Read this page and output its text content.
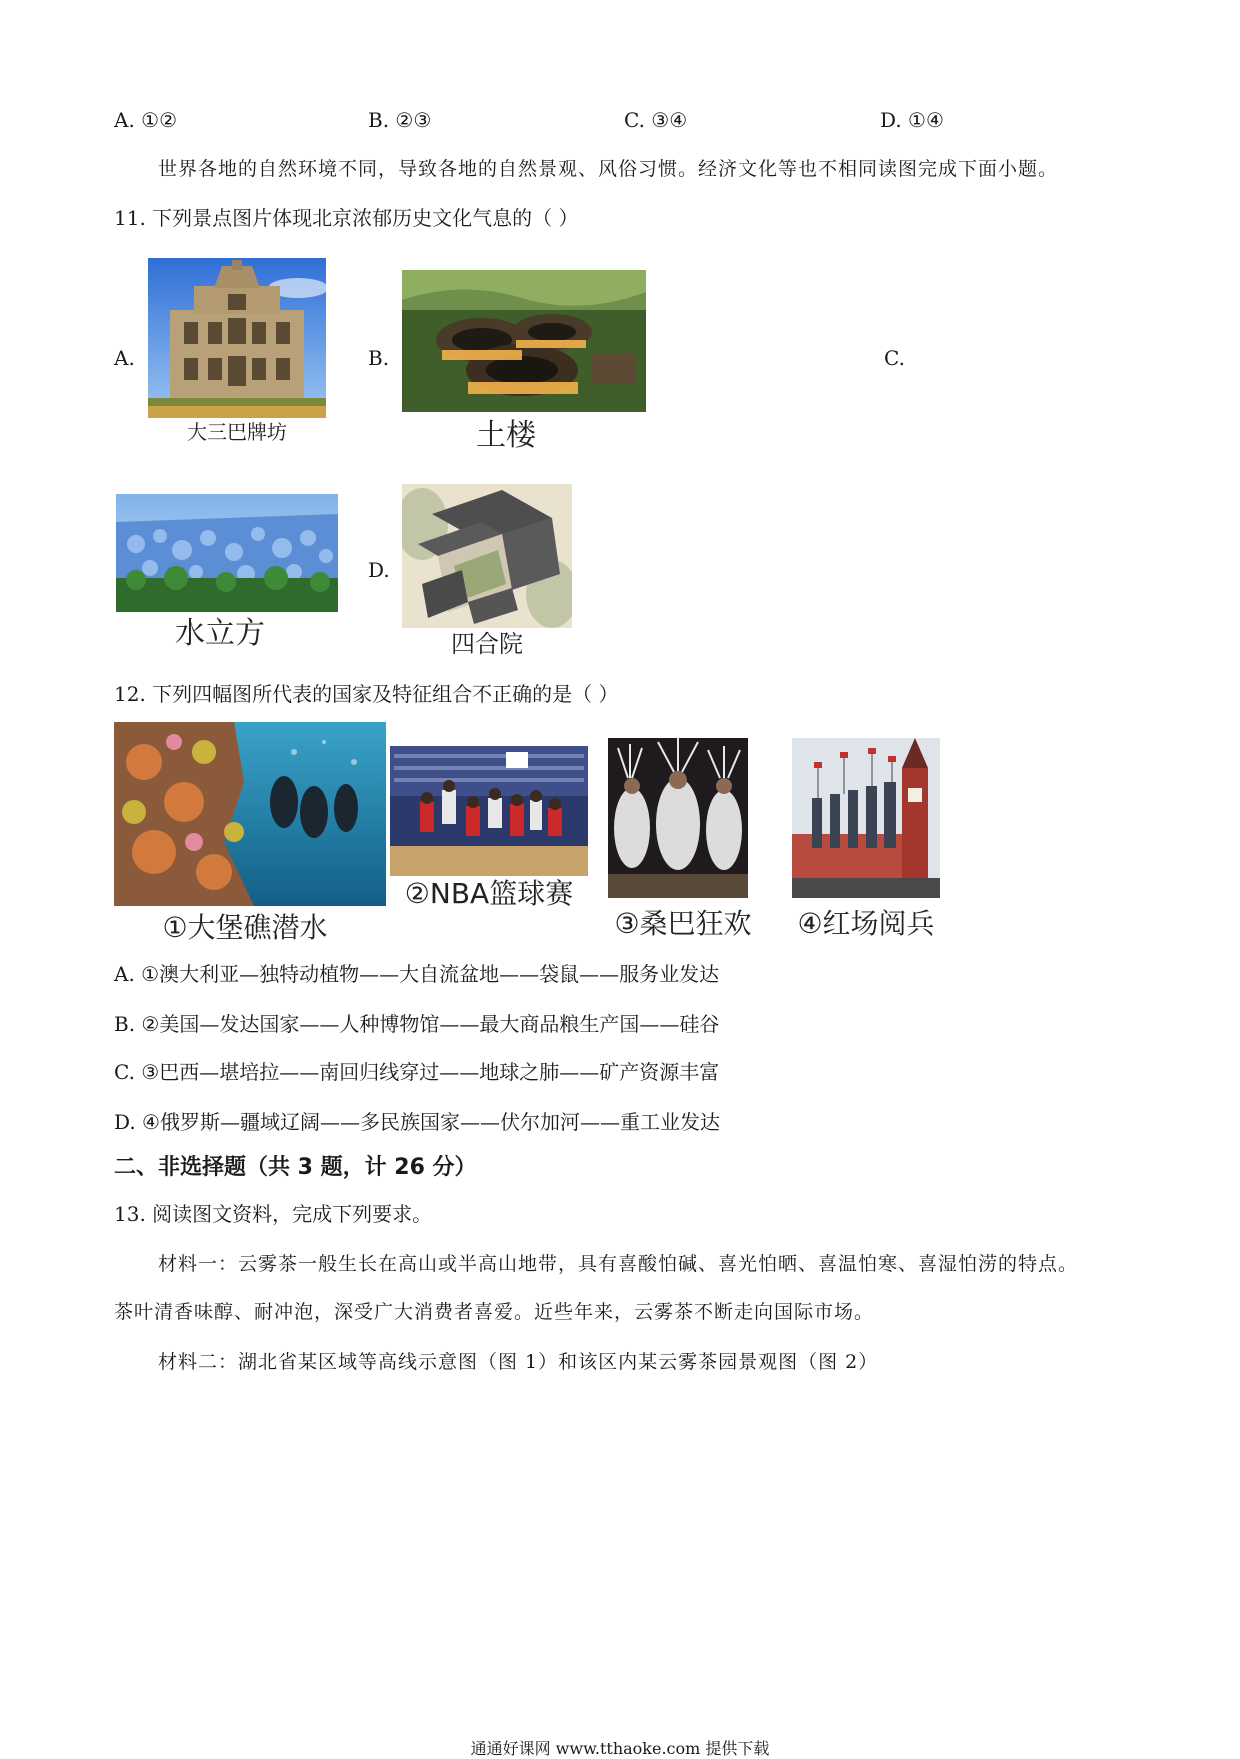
A. ①②	B. ②③	C. ③④	D. ①④
世界各地的自然环境不同，导致各地的自然景观、风俗习惯。经济文化等也不相同读图完成下面小题。
11. 下列景点图片体现北京浓郁历史文化气息的（ ）
A.
大三巴牌坊
B.
土楼
C.
水立方
D.
四合院
12. 下列四幅图所代表的国家及特征组合不正确的是（ ）
①大堡礁潜水
②NBA篮球赛
③桑巴狂欢	④红场阅兵
A. ①澳大利亚—独特动植物——大自流盆地——袋鼠——服务业发达
B. ②美国—发达国家——人种博物馆——最大商品粮生产国——硅谷
C. ③巴西—堪培拉——南回归线穿过——地球之肺——矿产资源丰富
D. ④俄罗斯—疆域辽阔——多民族国家——伏尔加河——重工业发达
二、非选择题（共 3 题，计 26 分）
13. 阅读图文资料，完成下列要求。
材料一：云雾茶一般生长在高山或半高山地带，具有喜酸怕碱、喜光怕晒、喜温怕寒、喜湿怕涝的特点。
茶叶清香味醇、耐冲泡，深受广大消费者喜爱。近些年来，云雾茶不断走向国际市场。
材料二：湖北省某区域等高线示意图（图 1）和该区内某云雾茶园景观图（图 2）
通通好课网 www.tthaoke.com 提供下载
